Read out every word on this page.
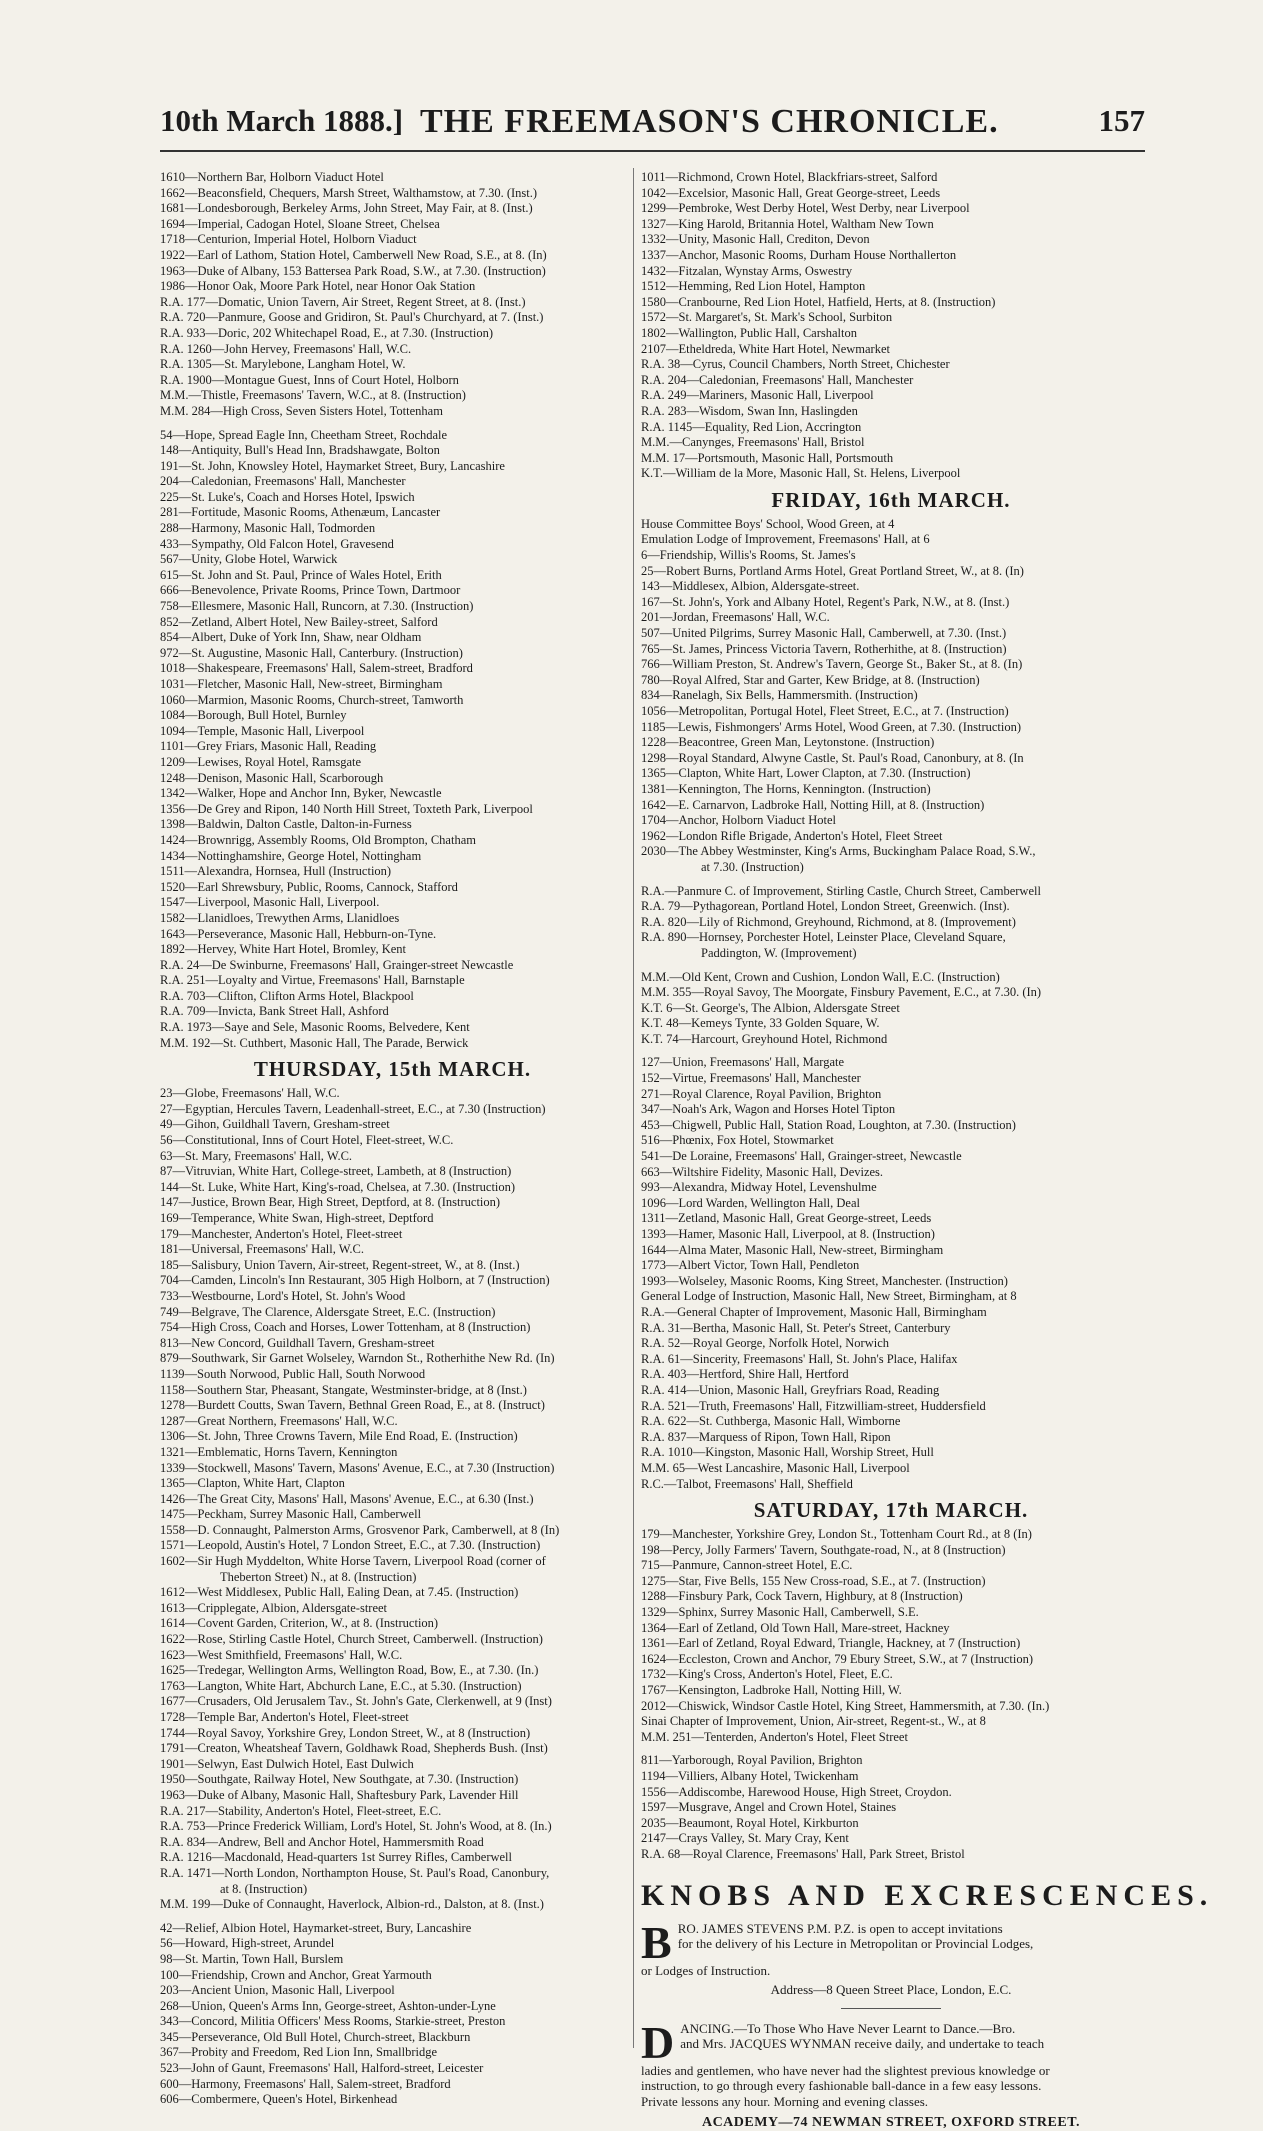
10th March 1888.] THE FREEMASON'S CHRONICLE.	157
1610—Northern Bar, Holborn Viaduct Hotel
1662—Beaconsfield, Chequers, Marsh Street, Walthamstow, at 7.30. (Inst.)
1681—Londesborough, Berkeley Arms, John Street, May Fair, at 8. (Inst.)
1694—Imperial, Cadogan Hotel, Sloane Street, Chelsea
1718—Centurion, Imperial Hotel, Holborn Viaduct
1922—Earl of Lathom, Station Hotel, Camberwell New Road, S.E., at 8. (In)
1963—Duke of Albany, 153 Battersea Park Road, S.W., at 7.30. (Instruction)
1986—Honor Oak, Moore Park Hotel, near Honor Oak Station
R.A. 177—Domatic, Union Tavern, Air Street, Regent Street, at 8. (Inst.)
R.A. 720—Panmure, Goose and Gridiron, St. Paul's Churchyard, at 7. (Inst.)
R.A. 933—Doric, 202 Whitechapel Road, E., at 7.30. (Instruction)
R.A. 1260—John Hervey, Freemasons' Hall, W.C.
R.A. 1305—St. Marylebone, Langham Hotel, W.
R.A. 1900—Montague Guest, Inns of Court Hotel, Holborn
M.M.—Thistle, Freemasons' Tavern, W.C., at 8. (Instruction)
M.M. 284—High Cross, Seven Sisters Hotel, Tottenham
54—Hope, Spread Eagle Inn, Cheetham Street, Rochdale
148—Antiquity, Bull's Head Inn, Bradshawgate, Bolton
191—St. John, Knowsley Hotel, Haymarket Street, Bury, Lancashire
204—Caledonian, Freemasons' Hall, Manchester
225—St. Luke's, Coach and Horses Hotel, Ipswich
281—Fortitude, Masonic Rooms, Athenæum, Lancaster
288—Harmony, Masonic Hall, Todmorden
433—Sympathy, Old Falcon Hotel, Gravesend
567—Unity, Globe Hotel, Warwick
615—St. John and St. Paul, Prince of Wales Hotel, Erith
666—Benevolence, Private Rooms, Prince Town, Dartmoor
758—Ellesmere, Masonic Hall, Runcorn, at 7.30. (Instruction)
852—Zetland, Albert Hotel, New Bailey-street, Salford
854—Albert, Duke of York Inn, Shaw, near Oldham
972—St. Augustine, Masonic Hall, Canterbury. (Instruction)
1018—Shakespeare, Freemasons' Hall, Salem-street, Bradford
1031—Fletcher, Masonic Hall, New-street, Birmingham
1060—Marmion, Masonic Rooms, Church-street, Tamworth
1084—Borough, Bull Hotel, Burnley
1094—Temple, Masonic Hall, Liverpool
1101—Grey Friars, Masonic Hall, Reading
1209—Lewises, Royal Hotel, Ramsgate
1248—Denison, Masonic Hall, Scarborough
1342—Walker, Hope and Anchor Inn, Byker, Newcastle
1356—De Grey and Ripon, 140 North Hill Street, Toxteth Park, Liverpool
1398—Baldwin, Dalton Castle, Dalton-in-Furness
1424—Brownrigg, Assembly Rooms, Old Brompton, Chatham
1434—Nottinghamshire, George Hotel, Nottingham
1511—Alexandra, Hornsea, Hull (Instruction)
1520—Earl Shrewsbury, Public, Rooms, Cannock, Stafford
1547—Liverpool, Masonic Hall, Liverpool.
1582—Llanidloes, Trewythen Arms, Llanidloes
1643—Perseverance, Masonic Hall, Hebburn-on-Tyne.
1892—Hervey, White Hart Hotel, Bromley, Kent
R.A. 24—De Swinburne, Freemasons' Hall, Grainger-street Newcastle
R.A. 251—Loyalty and Virtue, Freemasons' Hall, Barnstaple
R.A. 703—Clifton, Clifton Arms Hotel, Blackpool
R.A. 709—Invicta, Bank Street Hall, Ashford
R.A. 1973—Saye and Sele, Masonic Rooms, Belvedere, Kent
M.M. 192—St. Cuthbert, Masonic Hall, The Parade, Berwick
THURSDAY, 15th MARCH.
23—Globe, Freemasons' Hall, W.C.
27—Egyptian, Hercules Tavern, Leadenhall-street, E.C., at 7.30 (Instruction)
49—Gihon, Guildhall Tavern, Gresham-street
56—Constitutional, Inns of Court Hotel, Fleet-street, W.C.
63—St. Mary, Freemasons' Hall, W.C.
87—Vitruvian, White Hart, College-street, Lambeth, at 8 (Instruction)
144—St. Luke, White Hart, King's-road, Chelsea, at 7.30. (Instruction)
147—Justice, Brown Bear, High Street, Deptford, at 8. (Instruction)
169—Temperance, White Swan, High-street, Deptford
179—Manchester, Anderton's Hotel, Fleet-street
181—Universal, Freemasons' Hall, W.C.
185—Salisbury, Union Tavern, Air-street, Regent-street, W., at 8. (Inst.)
704—Camden, Lincoln's Inn Restaurant, 305 High Holborn, at 7 (Instruction)
733—Westbourne, Lord's Hotel, St. John's Wood
749—Belgrave, The Clarence, Aldersgate Street, E.C. (Instruction)
754—High Cross, Coach and Horses, Lower Tottenham, at 8 (Instruction)
813—New Concord, Guildhall Tavern, Gresham-street
879—Southwark, Sir Garnet Wolseley, Warndon St., Rotherhithe New Rd. (In)
1139—South Norwood, Public Hall, South Norwood
1158—Southern Star, Pheasant, Stangate, Westminster-bridge, at 8 (Inst.)
1278—Burdett Coutts, Swan Tavern, Bethnal Green Road, E., at 8. (Instruct)
1287—Great Northern, Freemasons' Hall, W.C.
1306—St. John, Three Crowns Tavern, Mile End Road, E. (Instruction)
1321—Emblematic, Horns Tavern, Kennington
1339—Stockwell, Masons' Tavern, Masons' Avenue, E.C., at 7.30 (Instruction)
1365—Clapton, White Hart, Clapton
1426—The Great City, Masons' Hall, Masons' Avenue, E.C., at 6.30 (Inst.)
1475—Peckham, Surrey Masonic Hall, Camberwell
1558—D. Connaught, Palmerston Arms, Grosvenor Park, Camberwell, at 8 (In)
1571—Leopold, Austin's Hotel, 7 London Street, E.C., at 7.30. (Instruction)
1602—Sir Hugh Myddelton, White Horse Tavern, Liverpool Road (corner of
Theberton Street) N., at 8. (Instruction)
1612—West Middlesex, Public Hall, Ealing Dean, at 7.45. (Instruction)
1613—Cripplegate, Albion, Aldersgate-street
1614—Covent Garden, Criterion, W., at 8. (Instruction)
1622—Rose, Stirling Castle Hotel, Church Street, Camberwell. (Instruction)
1623—West Smithfield, Freemasons' Hall, W.C.
1625—Tredegar, Wellington Arms, Wellington Road, Bow, E., at 7.30. (In.)
1763—Langton, White Hart, Abchurch Lane, E.C., at 5.30. (Instruction)
1677—Crusaders, Old Jerusalem Tav., St. John's Gate, Clerkenwell, at 9 (Inst)
1728—Temple Bar, Anderton's Hotel, Fleet-street
1744—Royal Savoy, Yorkshire Grey, London Street, W., at 8 (Instruction)
1791—Creaton, Wheatsheaf Tavern, Goldhawk Road, Shepherds Bush. (Inst)
1901—Selwyn, East Dulwich Hotel, East Dulwich
1950—Southgate, Railway Hotel, New Southgate, at 7.30. (Instruction)
1963—Duke of Albany, Masonic Hall, Shaftesbury Park, Lavender Hill
R.A. 217—Stability, Anderton's Hotel, Fleet-street, E.C.
R.A. 753—Prince Frederick William, Lord's Hotel, St. John's Wood, at 8. (In.)
R.A. 834—Andrew, Bell and Anchor Hotel, Hammersmith Road
R.A. 1216—Macdonald, Head-quarters 1st Surrey Rifles, Camberwell
R.A. 1471—North London, Northampton House, St. Paul's Road, Canonbury,
at 8. (Instruction)
M.M. 199—Duke of Connaught, Haverlock, Albion-rd., Dalston, at 8. (Inst.)
42—Relief, Albion Hotel, Haymarket-street, Bury, Lancashire
56—Howard, High-street, Arundel
98—St. Martin, Town Hall, Burslem
100—Friendship, Crown and Anchor, Great Yarmouth
203—Ancient Union, Masonic Hall, Liverpool
268—Union, Queen's Arms Inn, George-street, Ashton-under-Lyne
343—Concord, Militia Officers' Mess Rooms, Starkie-street, Preston
345—Perseverance, Old Bull Hotel, Church-street, Blackburn
367—Probity and Freedom, Red Lion Inn, Smallbridge
523—John of Gaunt, Freemasons' Hall, Halford-street, Leicester
600—Harmony, Freemasons' Hall, Salem-street, Bradford
606—Combermere, Queen's Hotel, Birkenhead
1011—Richmond, Crown Hotel, Blackfriars-street, Salford
1042—Excelsior, Masonic Hall, Great George-street, Leeds
1299—Pembroke, West Derby Hotel, West Derby, near Liverpool
1327—King Harold, Britannia Hotel, Waltham New Town
1332—Unity, Masonic Hall, Crediton, Devon
1337—Anchor, Masonic Rooms, Durham House Northallerton
1432—Fitzalan, Wynstay Arms, Oswestry
1512—Hemming, Red Lion Hotel, Hampton
1580—Cranbourne, Red Lion Hotel, Hatfield, Herts, at 8. (Instruction)
1572—St. Margaret's, St. Mark's School, Surbiton
1802—Wallington, Public Hall, Carshalton
2107—Etheldreda, White Hart Hotel, Newmarket
R.A. 38—Cyrus, Council Chambers, North Street, Chichester
R.A. 204—Caledonian, Freemasons' Hall, Manchester
R.A. 249—Mariners, Masonic Hall, Liverpool
R.A. 283—Wisdom, Swan Inn, Haslingden
R.A. 1145—Equality, Red Lion, Accrington
M.M.—Canynges, Freemasons' Hall, Bristol
M.M. 17—Portsmouth, Masonic Hall, Portsmouth
K.T.—William de la More, Masonic Hall, St. Helens, Liverpool
FRIDAY, 16th MARCH.
House Committee Boys' School, Wood Green, at 4
Emulation Lodge of Improvement, Freemasons' Hall, at 6
6—Friendship, Willis's Rooms, St. James's
25—Robert Burns, Portland Arms Hotel, Great Portland Street, W., at 8. (In)
143—Middlesex, Albion, Aldersgate-street.
167—St. John's, York and Albany Hotel, Regent's Park, N.W., at 8. (Inst.)
201—Jordan, Freemasons' Hall, W.C.
507—United Pilgrims, Surrey Masonic Hall, Camberwell, at 7.30. (Inst.)
765—St. James, Princess Victoria Tavern, Rotherhithe, at 8. (Instruction)
766—William Preston, St. Andrew's Tavern, George St., Baker St., at 8. (In)
780—Royal Alfred, Star and Garter, Kew Bridge, at 8. (Instruction)
834—Ranelagh, Six Bells, Hammersmith. (Instruction)
1056—Metropolitan, Portugal Hotel, Fleet Street, E.C., at 7. (Instruction)
1185—Lewis, Fishmongers' Arms Hotel, Wood Green, at 7.30. (Instruction)
1228—Beacontree, Green Man, Leytonstone. (Instruction)
1298—Royal Standard, Alwyne Castle, St. Paul's Road, Canonbury, at 8. (In
1365—Clapton, White Hart, Lower Clapton, at 7.30. (Instruction)
1381—Kennington, The Horns, Kennington. (Instruction)
1642—E. Carnarvon, Ladbroke Hall, Notting Hill, at 8. (Instruction)
1704—Anchor, Holborn Viaduct Hotel
1962—London Rifle Brigade, Anderton's Hotel, Fleet Street
2030—The Abbey Westminster, King's Arms, Buckingham Palace Road, S.W.,
at 7.30. (Instruction)
R.A.—Panmure C. of Improvement, Stirling Castle, Church Street, Camberwell
R.A. 79—Pythagorean, Portland Hotel, London Street, Greenwich. (Inst).
R.A. 820—Lily of Richmond, Greyhound, Richmond, at 8. (Improvement)
R.A. 890—Hornsey, Porchester Hotel, Leinster Place, Cleveland Square,
Paddington, W. (Improvement)
M.M.—Old Kent, Crown and Cushion, London Wall, E.C. (Instruction)
M.M. 355—Royal Savoy, The Moorgate, Finsbury Pavement, E.C., at 7.30. (In)
K.T. 6—St. George's, The Albion, Aldersgate Street
K.T. 48—Kemeys Tynte, 33 Golden Square, W.
K.T. 74—Harcourt, Greyhound Hotel, Richmond
127—Union, Freemasons' Hall, Margate
152—Virtue, Freemasons' Hall, Manchester
271—Royal Clarence, Royal Pavilion, Brighton
347—Noah's Ark, Wagon and Horses Hotel Tipton
453—Chigwell, Public Hall, Station Road, Loughton, at 7.30. (Instruction)
516—Phœnix, Fox Hotel, Stowmarket
541—De Loraine, Freemasons' Hall, Grainger-street, Newcastle
663—Wiltshire Fidelity, Masonic Hall, Devizes.
993—Alexandra, Midway Hotel, Levenshulme
1096—Lord Warden, Wellington Hall, Deal
1311—Zetland, Masonic Hall, Great George-street, Leeds
1393—Hamer, Masonic Hall, Liverpool, at 8. (Instruction)
1644—Alma Mater, Masonic Hall, New-street, Birmingham
1773—Albert Victor, Town Hall, Pendleton
1993—Wolseley, Masonic Rooms, King Street, Manchester. (Instruction)
General Lodge of Instruction, Masonic Hall, New Street, Birmingham, at 8
R.A.—General Chapter of Improvement, Masonic Hall, Birmingham
R.A. 31—Bertha, Masonic Hall, St. Peter's Street, Canterbury
R.A. 52—Royal George, Norfolk Hotel, Norwich
R.A. 61—Sincerity, Freemasons' Hall, St. John's Place, Halifax
R.A. 403—Hertford, Shire Hall, Hertford
R.A. 414—Union, Masonic Hall, Greyfriars Road, Reading
R.A. 521—Truth, Freemasons' Hall, Fitzwilliam-street, Huddersfield
R.A. 622—St. Cuthberga, Masonic Hall, Wimborne
R.A. 837—Marquess of Ripon, Town Hall, Ripon
R.A. 1010—Kingston, Masonic Hall, Worship Street, Hull
M.M. 65—West Lancashire, Masonic Hall, Liverpool
R.C.—Talbot, Freemasons' Hall, Sheffield
SATURDAY, 17th MARCH.
179—Manchester, Yorkshire Grey, London St., Tottenham Court Rd., at 8 (In)
198—Percy, Jolly Farmers' Tavern, Southgate-road, N., at 8 (Instruction)
715—Panmure, Cannon-street Hotel, E.C.
1275—Star, Five Bells, 155 New Cross-road, S.E., at 7. (Instruction)
1288—Finsbury Park, Cock Tavern, Highbury, at 8 (Instruction)
1329—Sphinx, Surrey Masonic Hall, Camberwell, S.E.
1364—Earl of Zetland, Old Town Hall, Mare-street, Hackney
1361—Earl of Zetland, Royal Edward, Triangle, Hackney, at 7 (Instruction)
1624—Eccleston, Crown and Anchor, 79 Ebury Street, S.W., at 7 (Instruction)
1732—King's Cross, Anderton's Hotel, Fleet, E.C.
1767—Kensington, Ladbroke Hall, Notting Hill, W.
2012—Chiswick, Windsor Castle Hotel, King Street, Hammersmith, at 7.30. (In.)
Sinai Chapter of Improvement, Union, Air-street, Regent-st., W., at 8
M.M. 251—Tenterden, Anderton's Hotel, Fleet Street
811—Yarborough, Royal Pavilion, Brighton
1194—Villiers, Albany Hotel, Twickenham
1556—Addiscombe, Harewood House, High Street, Croydon.
1597—Musgrave, Angel and Crown Hotel, Staines
2035—Beaumont, Royal Hotel, Kirkburton
2147—Crays Valley, St. Mary Cray, Kent
R.A. 68—Royal Clarence, Freemasons' Hall, Park Street, Bristol
KNOBS AND EXCRESCENCES.
B RO. JAMES STEVENS P.M. P.Z. is open to accept invitations
for the delivery of his Lecture in Metropolitan or Provincial Lodges,
or Lodges of Instruction.
Address—8 Queen Street Place, London, E.C.
D ANCING.—To Those Who Have Never Learnt to Dance.—Bro.
and Mrs. JACQUES WYNMAN receive daily, and undertake to teach
ladies and gentlemen, who have never had the slightest previous knowledge or
instruction, to go through every fashionable ball-dance in a few easy lessons.
Private lessons any hour. Morning and evening classes.
ACADEMY—74 NEWMAN STREET, OXFORD STREET.
